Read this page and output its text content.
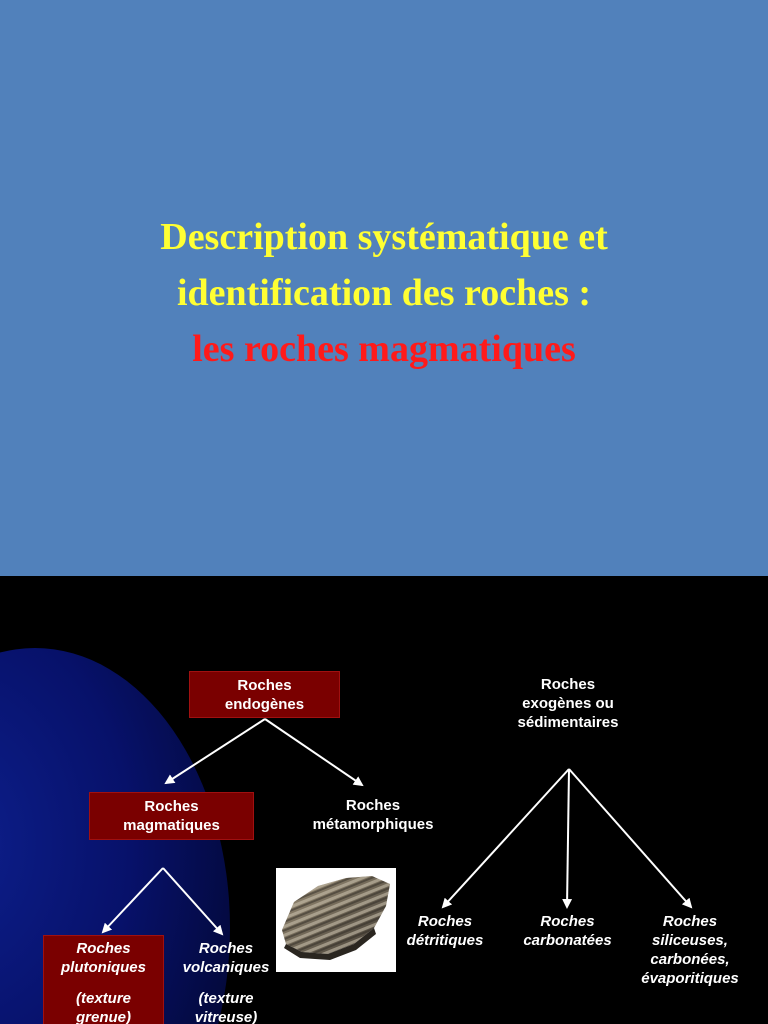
Description systématique et
identification des roches :
les roches magmatiques
Roches
endogènes
Roches
exogènes ou
sédimentaires
Roches
magmatiques
Roches
métamorphiques
Roches
détritiques
Roches
carbonatées
Roches
siliceuses,
carbonées,
évaporitiques
Roches
plutoniques
(texture
grenue)
Roches
volcaniques
(texture
vitreuse)
